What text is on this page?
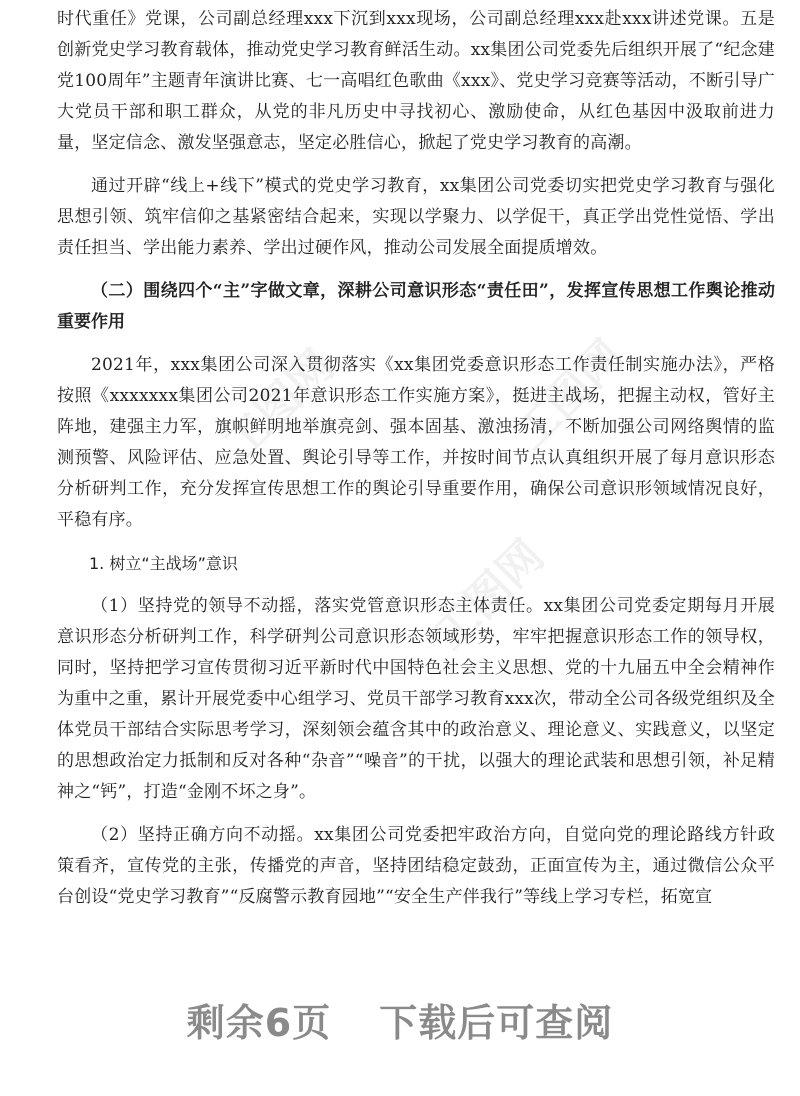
工图网	工图网
工图网

时代重任》党课，公司副总经理xxx下沉到xxx现场，公司副总经理xxx赴xxx讲述党课。五是创新党史学习教育载体，推动党史学习教育鲜活生动。xx集团公司党委先后组织开展了“纪念建党100周年”主题青年演讲比赛、七一高唱红色歌曲《xxx》、党史学习竞赛等活动，不断引导广大党员干部和职工群众，从党的非凡历史中寻找初心、激励使命，从红色基因中汲取前进力量，坚定信念、激发坚强意志，坚定必胜信心，掀起了党史学习教育的高潮。

通过开辟“线上+线下”模式的党史学习教育，xx集团公司党委切实把党史学习教育与强化思想引领、筑牢信仰之基紧密结合起来，实现以学聚力、以学促干，真正学出党性觉悟、学出责任担当、学出能力素养、学出过硬作风，推动公司发展全面提质增效。

（二）围绕四个“主”字做文章，深耕公司意识形态“责任田”，发挥宣传思想工作舆论推动重要作用

2021年，xxx集团公司深入贯彻落实《xx集团党委意识形态工作责任制实施办法》，严格按照《xxxxxxx集团公司2021年意识形态工作实施方案》，挺进主战场，把握主动权，管好主阵地，建强主力军，旗帜鲜明地举旗亮剑、强本固基、激浊扬清，不断加强公司网络舆情的监测预警、风险评估、应急处置、舆论引导等工作，并按时间节点认真组织开展了每月意识形态分析研判工作，充分发挥宣传思想工作的舆论引导重要作用，确保公司意识形领域情况良好，平稳有序。

1. 树立“主战场”意识

（1）坚持党的领导不动摇，落实党管意识形态主体责任。xx集团公司党委定期每月开展意识形态分析研判工作，科学研判公司意识形态领域形势，牢牢把握意识形态工作的领导权，同时，坚持把学习宣传贯彻习近平新时代中国特色社会主义思想、党的十九届五中全会精神作为重中之重，累计开展党委中心组学习、党员干部学习教育xxx次，带动全公司各级党组织及全体党员干部结合实际思考学习，深刻领会蕴含其中的政治意义、理论意义、实践意义，以坚定的思想政治定力抵制和反对各种“杂音”“噪音”的干扰，以强大的理论武装和思想引领，补足精神之“钙”，打造“金刚不坏之身”。

（2）坚持正确方向不动摇。xx集团公司党委把牢政治方向，自觉向党的理论路线方针政策看齐，宣传党的主张，传播党的声音，坚持团结稳定鼓劲，正面宣传为主，通过微信公众平台创设“党史学习教育”“反腐警示教育园地”“安全生产伴我行”等线上学习专栏，拓宽宣

剩余6页 下载后可查阅
